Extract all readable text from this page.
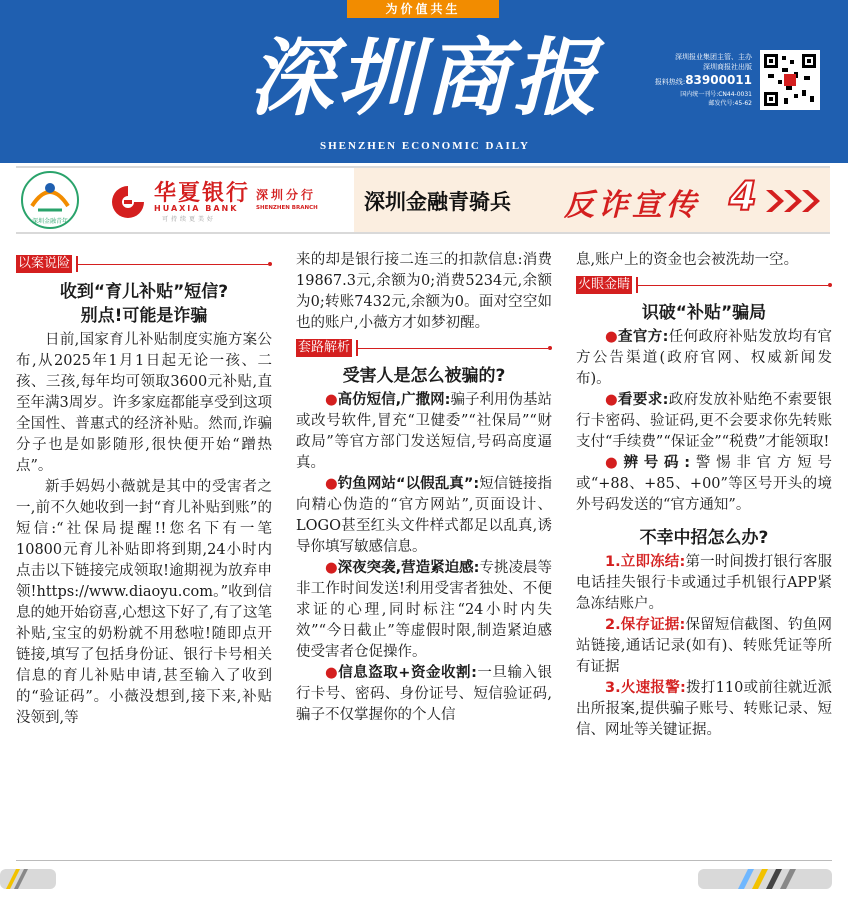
为价值共生
深圳商报
SHENZHEN ECONOMIC DAILY
深圳报业集团主管、主办
深圳商报社出版
报料热线:83900011
国内统一刊号:CN44-0031
邮发代号:45-62
深圳金融青年
华夏银行
HUAXIA BANK
可持续更美好
深圳分行
SHENZHEN BRANCH 深圳金融青骑兵 反诈宣传 4
以案说险
收到“育儿补贴”短信?
别点!可能是诈骗

日前,国家育儿补贴制度实施方案公布,从2025年1月1日起无论一孩、二孩、三孩,每年均可领取3600元补贴,直至年满3周岁。许多家庭都能享受到这项全国性、普惠式的经济补贴。然而,诈骗分子也是如影随形,很快便开始“蹭热点”。

新手妈妈小薇就是其中的受害者之一,前不久她收到一封“育儿补贴到账”的短信:“社保局提醒!!您名下有一笔10800元育儿补贴即将到期,24小时内点击以下链接完成领取!逾期视为放弃申领!https://www.diaoyu.com。”收到信息的她开始窃喜,心想这下好了,有了这笔补贴,宝宝的奶粉就不用愁啦!随即点开链接,填写了包括身份证、银行卡号相关信息的育儿补贴申请,甚至输入了收到的“验证码”。小薇没想到,接下来,补贴没领到,等

来的却是银行接二连三的扣款信息:消费19867.3元,余额为0;消费5234元,余额为0;转账7432元,余额为0。面对空空如也的账户,小薇方才如梦初醒。

套路解析
受害人是怎么被骗的?

●高仿短信,广撒网:骗子利用伪基站或改号软件,冒充“卫健委”“社保局”“财政局”等官方部门发送短信,号码高度逼真。

●钓鱼网站“以假乱真”:短信链接指向精心伪造的“官方网站”,页面设计、LOGO甚至红头文件样式都足以乱真,诱导你填写敏感信息。

●深夜突袭,营造紧迫感:专挑凌晨等非工作时间发送!利用受害者独处、不便求证的心理,同时标注“24小时内失效”“今日截止”等虚假时限,制造紧迫感使受害者仓促操作。

●信息盗取+资金收割:一旦输入银行卡号、密码、身份证号、短信验证码,骗子不仅掌握你的个人信

息,账户上的资金也会被洗劫一空。

火眼金睛
识破“补贴”骗局

●查官方:任何政府补贴发放均有官方公告渠道(政府官网、权威新闻发布)。

●看要求:政府发放补贴绝不索要银行卡密码、验证码,更不会要求你先转账支付“手续费”“保证金”“税费”才能领取!

●辨号码:警惕非官方短号或“+88、+85、+00”等区号开头的境外号码发送的“官方通知”。

不幸中招怎么办?

1.立即冻结:第一时间拨打银行客服电话挂失银行卡或通过手机银行APP紧急冻结账户。

2.保存证据:保留短信截图、钓鱼网站链接,通话记录(如有)、转账凭证等所有证据

3.火速报警:拨打110或前往就近派出所报案,提供骗子账号、转账记录、短信、网址等关键证据。
